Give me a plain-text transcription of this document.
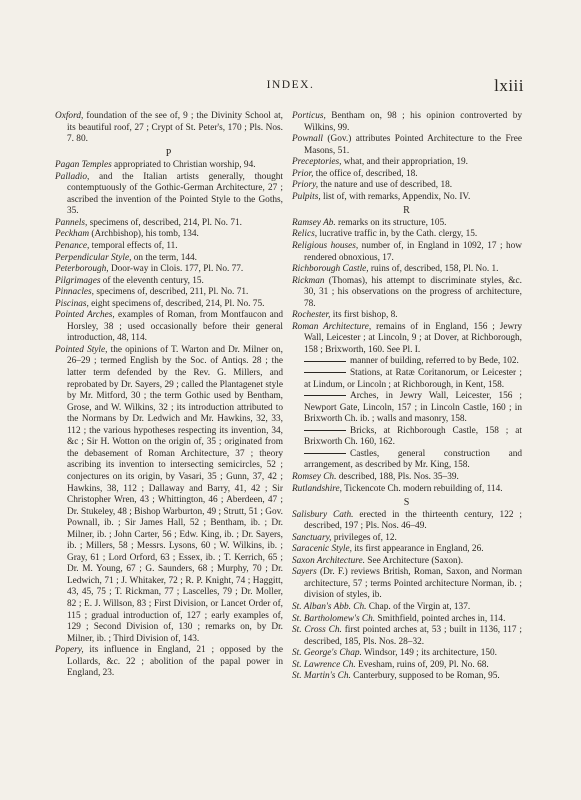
INDEX.	lxiii

Oxford, foundation of the see of, 9 ; the Divinity School at, its beautiful roof, 27 ; Crypt of St. Peter's, 170 ; Pls. Nos. 7. 80.

P

Pagan Temples appropriated to Christian worship, 94.

Palladio, and the Italian artists generally, thought contemptuously of the Gothic-German Architecture, 27 ; ascribed the invention of the Pointed Style to the Goths, 35.

Pannels, specimens of, described, 214, Pl. No. 71.

Peckham (Archbishop), his tomb, 134.

Penance, temporal effects of, 11.

Perpendicular Style, on the term, 144.

Peterborough, Door-way in Clois. 177, Pl. No. 77.

Pilgrimages of the eleventh century, 15.

Pinnacles, specimens of, described, 211, Pl. No. 71.

Piscinas, eight specimens of, described, 214, Pl. No. 75.

Pointed Arches, examples of Roman, from Montfaucon and Horsley, 38 ; used occasionally before their general introduction, 48, 114.

Pointed Style, the opinions of T. Warton and Dr. Milner on, 26–29 ; termed English by the Soc. of Antiqs. 28 ; the latter term defended by the Rev. G. Millers, and reprobated by Dr. Sayers, 29 ; called the Plantagenet style by Mr. Mitford, 30 ; the term Gothic used by Bentham, Grose, and W. Wilkins, 32 ; its introduction attributed to the Normans by Dr. Ledwich and Mr. Hawkins, 32, 33, 112 ; the various hypotheses respecting its invention, 34, &c ; Sir H. Wotton on the origin of, 35 ; originated from the debasement of Roman Architecture, 37 ; theory ascribing its invention to intersecting semicircles, 52 ; conjectures on its origin, by Vasari, 35 ; Gunn, 37, 42 ; Hawkins, 38, 112 ; Dallaway and Barry, 41, 42 ; Sir Christopher Wren, 43 ; Whittington, 46 ; Aberdeen, 47 ; Dr. Stukeley, 48 ; Bishop Warburton, 49 ; Strutt, 51 ; Gov. Pownall, ib. ; Sir James Hall, 52 ; Bentham, ib. ; Dr. Milner, ib. ; John Carter, 56 ; Edw. King, ib. ; Dr. Sayers, ib. ; Millers, 58 ; Messrs. Lysons, 60 ; W. Wilkins, ib. ; Gray, 61 ; Lord Orford, 63 ; Essex, ib. ; T. Kerrich, 65 ; Dr. M. Young, 67 ; G. Saunders, 68 ; Murphy, 70 ; Dr. Ledwich, 71 ; J. Whitaker, 72 ; R. P. Knight, 74 ; Haggitt, 43, 45, 75 ; T. Rickman, 77 ; Lascelles, 79 ; Dr. Moller, 82 ; E. J. Willson, 83 ; First Division, or Lancet Order of, 115 ; gradual introduction of, 127 ; early examples of, 129 ; Second Division of, 130 ; remarks on, by Dr. Milner, ib. ; Third Division of, 143.

Popery, its influence in England, 21 ; opposed by the Lollards, &c. 22 ; abolition of the papal power in England, 23.

Porticus, Bentham on, 98 ; his opinion controverted by Wilkins, 99.

Pownall (Gov.) attributes Pointed Architecture to the Free Masons, 51.

Preceptories, what, and their appropriation, 19.

Prior, the office of, described, 18.

Priory, the nature and use of described, 18.

Pulpits, list of, with remarks, Appendix, No. IV.

R

Ramsey Ab. remarks on its structure, 105.

Relics, lucrative traffic in, by the Cath. clergy, 15.

Religious houses, number of, in England in 1092, 17 ; how rendered obnoxious, 17.

Richborough Castle, ruins of, described, 158, Pl. No. 1.

Rickman (Thomas), his attempt to discriminate styles, &c. 30, 31 ; his observations on the progress of architecture, 78.

Rochester, its first bishop, 8.

Roman Architecture, remains of in England, 156 ; Jewry Wall, Leicester ; at Lincoln, 9 ; at Dover, at Richborough, 158 ; Brixworth, 160. See Pl. I.

manner of building, referred to by Bede, 102.

Stations, at Ratæ Coritanorum, or Leicester ; at Lindum, or Lincoln ; at Richborough, in Kent, 158.

Arches, in Jewry Wall, Leicester, 156 ; Newport Gate, Lincoln, 157 ; in Lincoln Castle, 160 ; in Brixworth Ch. ib. ; walls and masonry, 158.

Bricks, at Richborough Castle, 158 ; at Brixworth Ch. 160, 162.

Castles, general construction and arrangement, as described by Mr. King, 158.

Romsey Ch. described, 188, Pls. Nos. 35–39.

Rutlandshire, Tickencote Ch. modern rebuilding of, 114.

S

Salisbury Cath. erected in the thirteenth century, 122 ; described, 197 ; Pls. Nos. 46–49.

Sanctuary, privileges of, 12.

Saracenic Style, its first appearance in England, 26.

Saxon Architecture. See Architecture (Saxon).

Sayers (Dr. F.) reviews British, Roman, Saxon, and Norman architecture, 57 ; terms Pointed architecture Norman, ib. ; division of styles, ib.

St. Alban's Abb. Ch. Chap. of the Virgin at, 137.

St. Bartholomew's Ch. Smithfield, pointed arches in, 114.

St. Cross Ch. first pointed arches at, 53 ; built in 1136, 117 ; described, 185, Pls. Nos. 28–32.

St. George's Chap. Windsor, 149 ; its architecture, 150.

St. Lawrence Ch. Evesham, ruins of, 209, Pl. No. 68.

St. Martin's Ch. Canterbury, supposed to be Roman, 95.
